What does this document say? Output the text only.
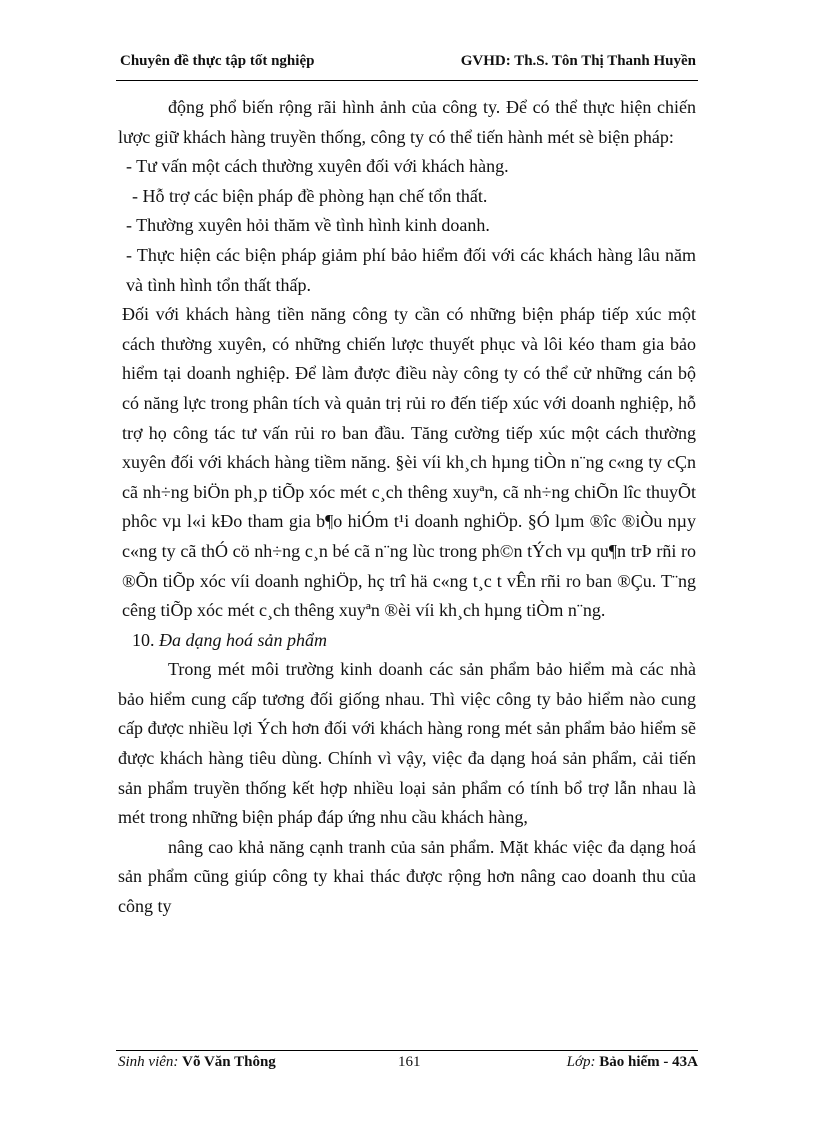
Chuyên đề thực tập tốt nghiệp	GVHD: Th.S. Tôn Thị Thanh Huyền

động phổ biến rộng rãi hình ảnh của công ty. Để có thể thực hiện chiến lược giữ khách hàng truyền thống, công ty có thể tiến hành mét sè biện pháp:

- Tư vấn một cách thường xuyên đối với khách hàng.

- Hỗ trợ các biện pháp đề phòng hạn chế tổn thất.

- Thường xuyên hỏi thăm về tình hình kinh doanh.

- Thực hiện các biện pháp giảm phí bảo hiểm đối với các khách hàng lâu năm và tình hình tổn thất thấp.

Đối với khách hàng tiền năng công ty cần có những biện pháp tiếp xúc một cách thường xuyên, có những chiến lược thuyết phục và lôi kéo tham gia bảo hiểm tại doanh nghiệp. Để làm được điều này công ty có thể cử những cán bộ có năng lực trong phân tích và quản trị rủi ro đến tiếp xúc với doanh nghiệp, hỗ trợ họ công tác tư vấn rủi ro ban đầu. Tăng cường tiếp xúc một cách thường xuyên đối với khách hàng tiềm năng. §èi víi kh¸ch hµng tiÒn n¨ng c«ng ty cÇn cã nh÷ng biÖn ph¸p tiÕp xóc mét c¸ch thêng xuyªn, cã nh÷ng chiÕn lîc thuyÕt phôc vµ l«i kÐo tham gia b¶o hiÓm t¹i doanh nghiÖp. §Ó lµm ®îc ®iÒu nµy c«ng ty cã thÓ cö nh÷ng c¸n bé cã n¨ng lùc trong ph©n tÝch vµ qu¶n trÞ rñi ro ®Õn tiÕp xóc víi doanh nghiÖp, hç trî hä c«ng t¸c t vÊn rñi ro ban ®Çu. T¨ng cêng tiÕp xóc mét c¸ch thêng xuyªn ®èi víi kh¸ch hµng tiÒm n¨ng.

10. Đa dạng hoá sản phẩm

Trong mét môi trường kinh doanh các sản phẩm bảo hiểm mà các nhà bảo hiểm cung cấp tương đối giống nhau. Thì việc công ty bảo hiểm nào cung cấp được nhiều lợi Ých hơn đối với khách hàng rong mét sản phẩm bảo hiểm sẽ được khách hàng tiêu dùng. Chính vì vậy, việc đa dạng hoá sản phẩm, cải tiến sản phẩm truyền thống kết hợp nhiều loại sản phẩm có tính bổ trợ lẫn nhau là mét trong những biện pháp đáp ứng nhu cầu khách hàng,

nâng cao khả năng cạnh tranh của sản phẩm. Mặt khác việc đa dạng hoá sản phẩm cũng giúp công ty khai thác được rộng hơn nâng cao doanh thu của công ty

Sinh viên: Võ Văn Thông	161	Lớp: Bảo hiểm - 43A
